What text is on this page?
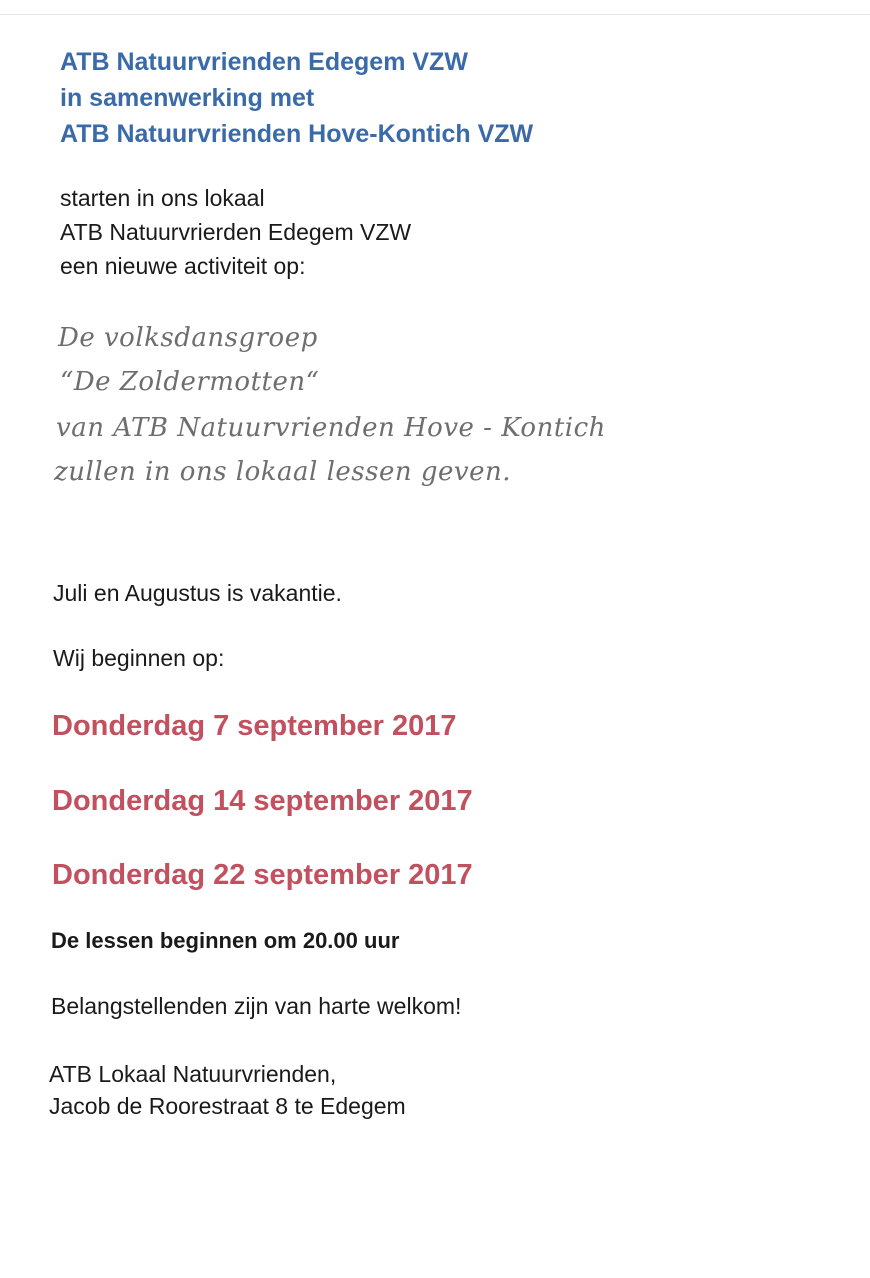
ATB Natuurvrienden Edegem VZW
in samenwerking met
ATB Natuurvrienden Hove-Kontich VZW
starten in ons lokaal
ATB Natuurvrierden Edegem VZW
een nieuwe activiteit op:
De volksdansgroep
“De Zoldermotten“
van ATB Natuurvrienden Hove - Kontich
zullen in ons lokaal lessen geven.
Juli en Augustus is vakantie.
Wij beginnen op:
Donderdag 7 september 2017
Donderdag 14 september 2017
Donderdag 22 september 2017
De lessen beginnen om 20.00 uur
Belangstellenden zijn van harte welkom!
ATB Lokaal Natuurvrienden,
Jacob de Roorestraat 8 te Edegem
